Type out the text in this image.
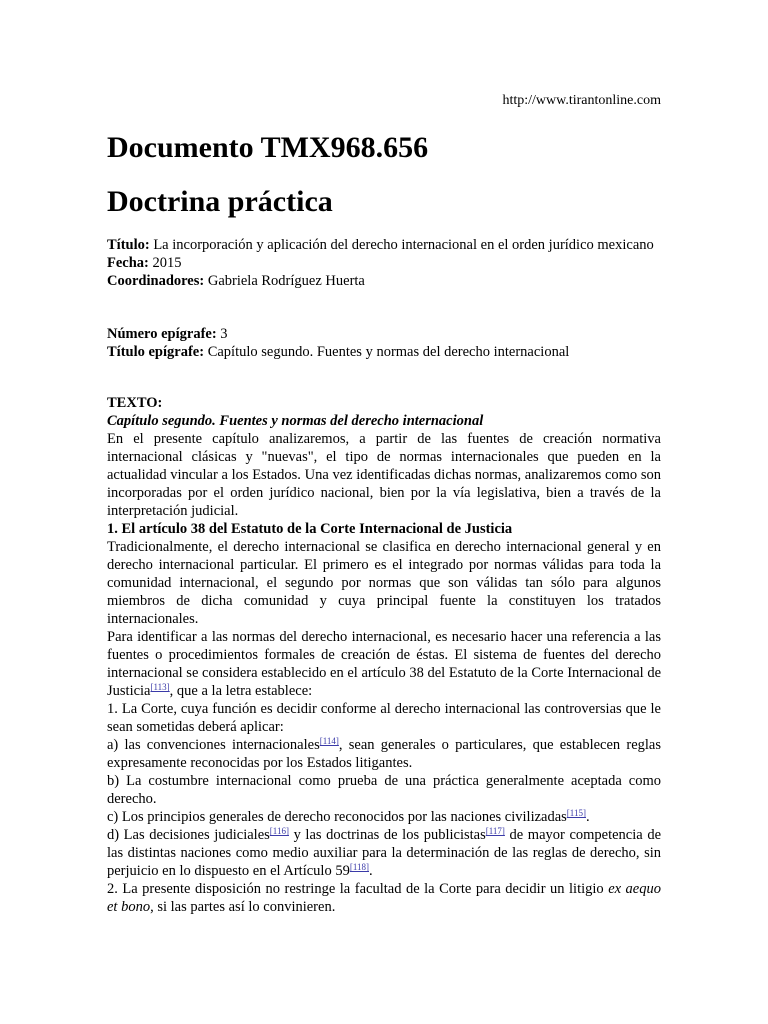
http://www.tirantonline.com
Documento TMX968.656
Doctrina práctica

Título: La incorporación y aplicación del derecho internacional en el orden jurídico mexicano

Fecha: 2015

Coordinadores: Gabriela Rodríguez Huerta

Número epígrafe: 3

Título epígrafe: Capítulo segundo. Fuentes y normas del derecho internacional

TEXTO:
Capítulo segundo. Fuentes y normas del derecho internacional

En el presente capítulo analizaremos, a partir de las fuentes de creación normativa internacional clásicas y "nuevas", el tipo de normas internacionales que pueden en la actualidad vincular a los Estados. Una vez identificadas dichas normas, analizaremos como son incorporadas por el orden jurídico nacional, bien por la vía legislativa, bien a través de la interpretación judicial.

1. El artículo 38 del Estatuto de la Corte Internacional de Justicia

Tradicionalmente, el derecho internacional se clasifica en derecho internacional general y en derecho internacional particular. El primero es el integrado por normas válidas para toda la comunidad internacional, el segundo por normas que son válidas tan sólo para algunos miembros de dicha comunidad y cuya principal fuente la constituyen los tratados internacionales.

Para identificar a las normas del derecho internacional, es necesario hacer una referencia a las fuentes o procedimientos formales de creación de éstas. El sistema de fuentes del derecho internacional se considera establecido en el artículo 38 del Estatuto de la Corte Internacional de Justicia[113], que a la letra establece:

1. La Corte, cuya función es decidir conforme al derecho internacional las controversias que le sean sometidas deberá aplicar:

a) las convenciones internacionales[114], sean generales o particulares, que establecen reglas expresamente reconocidas por los Estados litigantes.

b) La costumbre internacional como prueba de una práctica generalmente aceptada como derecho.

c) Los principios generales de derecho reconocidos por las naciones civilizadas[115].

d) Las decisiones judiciales[116] y las doctrinas de los publicistas[117] de mayor competencia de las distintas naciones como medio auxiliar para la determinación de las reglas de derecho, sin perjuicio en lo dispuesto en el Artículo 59[118].

2. La presente disposición no restringe la facultad de la Corte para decidir un litigio ex aequo et bono, si las partes así lo convinieren.
